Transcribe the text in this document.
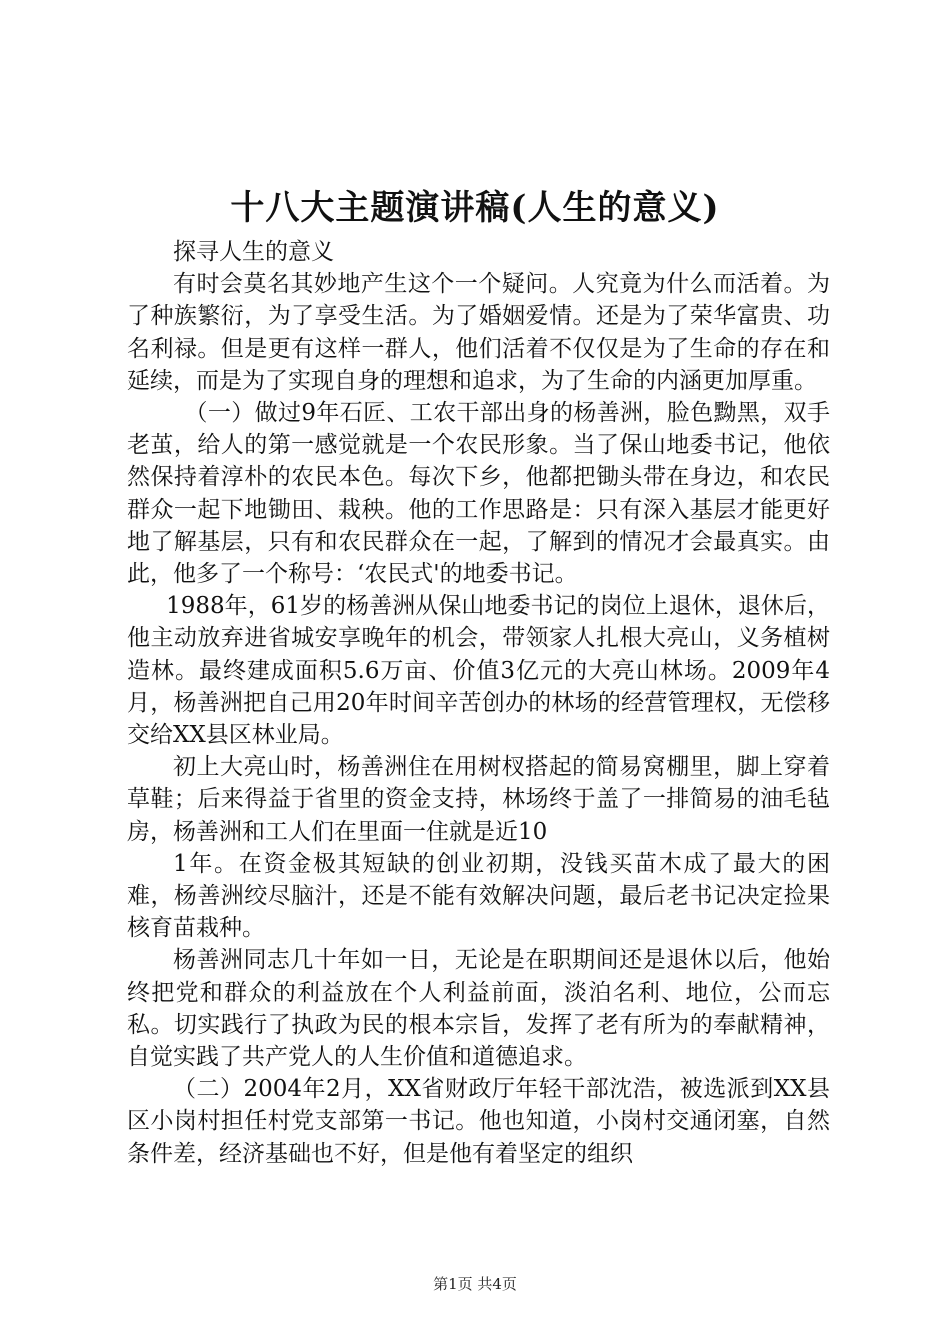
十八大主题演讲稿(人生的意义)

探寻人生的意义

有时会莫名其妙地产生这个一个疑问。人究竟为什么而活着。为了种族繁衍，为了享受生活。为了婚姻爱情。还是为了荣华富贵、功名利禄。但是更有这样一群人，他们活着不仅仅是为了生命的存在和延续，而是为了实现自身的理想和追求，为了生命的内涵更加厚重。

（一）做过9年石匠、工农干部出身的杨善洲，脸色黝黑，双手老茧，给人的第一感觉就是一个农民形象。当了保山地委书记，他依然保持着淳朴的农民本色。每次下乡，他都把锄头带在身边，和农民群众一起下地锄田、栽秧。他的工作思路是：只有深入基层才能更好地了解基层，只有和农民群众在一起，了解到的情况才会最真实。由此，他多了一个称号：‘农民式'的地委书记。

1988年，61岁的杨善洲从保山地委书记的岗位上退休，退休后，他主动放弃进省城安享晚年的机会，带领家人扎根大亮山，义务植树造林。最终建成面积5.6万亩、价值3亿元的大亮山林场。2009年4月，杨善洲把自己用20年时间辛苦创办的林场的经营管理权，无偿移交给XX县区林业局。

初上大亮山时，杨善洲住在用树杈搭起的简易窝棚里，脚上穿着草鞋；后来得益于省里的资金支持，林场终于盖了一排简易的油毛毡房，杨善洲和工人们在里面一住就是近10

1年。在资金极其短缺的创业初期，没钱买苗木成了最大的困难，杨善洲绞尽脑汁，还是不能有效解决问题，最后老书记决定捡果核育苗栽种。

杨善洲同志几十年如一日，无论是在职期间还是退休以后，他始终把党和群众的利益放在个人利益前面，淡泊名利、地位，公而忘私。切实践行了执政为民的根本宗旨，发挥了老有所为的奉献精神，自觉实践了共产党人的人生价值和道德追求。

（二）2004年2月，XX省财政厅年轻干部沈浩，被选派到XX县区小岗村担任村党支部第一书记。他也知道，小岗村交通闭塞，自然条件差，经济基础也不好，但是他有着坚定的组织

第1页 共4页
